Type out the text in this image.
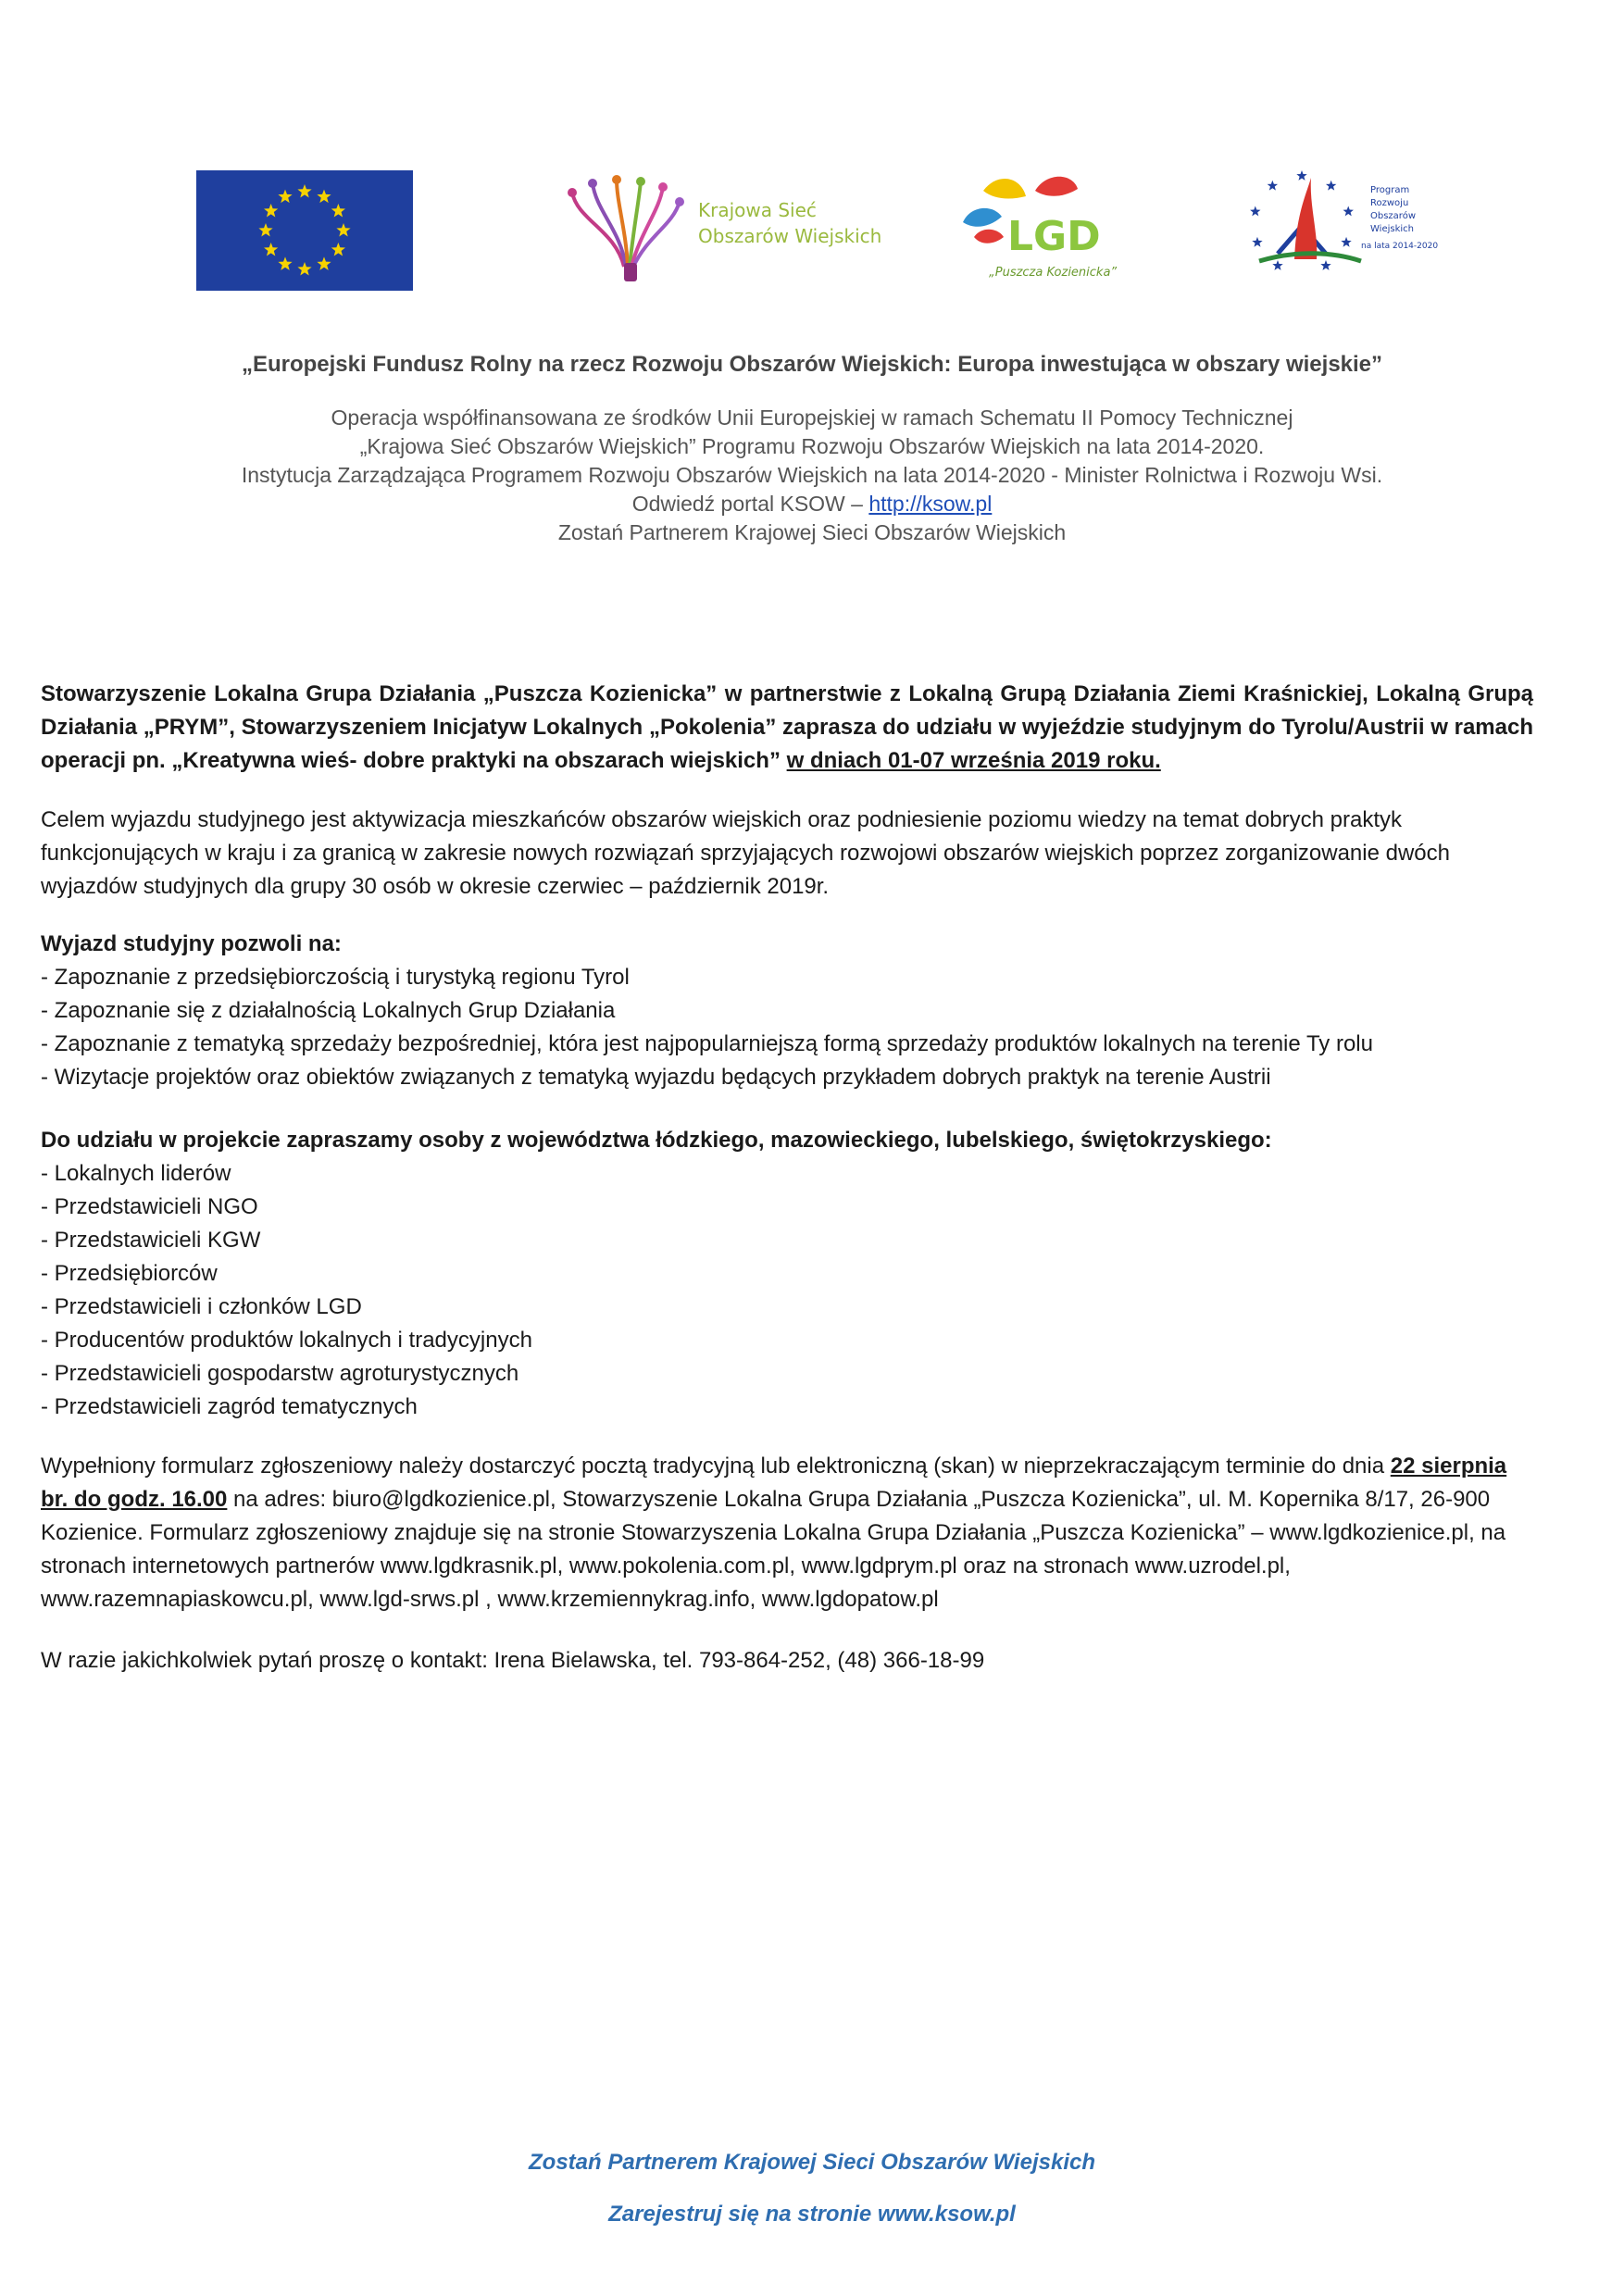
Krajowa Sieć
Obszarów Wiejskich	LGD
„Puszcza Kozienicka”
Program
Rozwoju
Obszarów
Wiejskich
na lata 2014-2020
„Europejski Fundusz Rolny na rzecz Rozwoju Obszarów Wiejskich: Europa inwestująca w obszary wiejskie”
Operacja współfinansowana ze środków Unii Europejskiej w ramach Schematu II Pomocy Technicznej
„Krajowa Sieć Obszarów Wiejskich” Programu Rozwoju Obszarów Wiejskich na lata 2014-2020.
Instytucja Zarządzająca Programem Rozwoju Obszarów Wiejskich na lata 2014-2020 - Minister Rolnictwa i Rozwoju Wsi.
Odwiedź portal KSOW – http://ksow.pl
Zostań Partnerem Krajowej Sieci Obszarów Wiejskich
Stowarzyszenie Lokalna Grupa Działania „Puszcza Kozienicka” w partnerstwie z Lokalną Grupą Działania Ziemi Kraśnickiej, Lokalną Grupą Działania „PRYM”, Stowarzyszeniem Inicjatyw Lokalnych „Pokolenia” zaprasza do udziału w wyjeździe studyjnym do Tyrolu/Austrii w ramach operacji pn. „Kreatywna wieś- dobre praktyki na obszarach wiejskich” w dniach 01-07 września 2019 roku.
Celem wyjazdu studyjnego jest aktywizacja mieszkańców obszarów wiejskich oraz podniesienie poziomu wiedzy na temat dobrych praktyk funkcjonujących w kraju i za granicą w zakresie nowych rozwiązań sprzyjających rozwojowi obszarów wiejskich poprzez zorganizowanie dwóch wyjazdów studyjnych dla grupy 30 osób w okresie czerwiec – październik 2019r.
Wyjazd studyjny pozwoli na:
- Zapoznanie z przedsiębiorczością i turystyką regionu Tyrol
- Zapoznanie się z działalnością Lokalnych Grup Działania
- Zapoznanie z tematyką sprzedaży bezpośredniej, która jest najpopularniejszą formą sprzedaży produktów lokalnych na terenie Ty rolu
- Wizytacje projektów oraz obiektów związanych z tematyką wyjazdu będących przykładem dobrych praktyk na terenie Austrii
Do udziału w projekcie zapraszamy osoby z województwa łódzkiego, mazowieckiego, lubelskiego, świętokrzyskiego:
- Lokalnych liderów
- Przedstawicieli NGO
- Przedstawicieli KGW
- Przedsiębiorców
- Przedstawicieli i członków LGD
- Producentów produktów lokalnych i tradycyjnych
- Przedstawicieli gospodarstw agroturystycznych
- Przedstawicieli zagród tematycznych
Wypełniony formularz zgłoszeniowy należy dostarczyć pocztą tradycyjną lub elektroniczną (skan) w nieprzekraczającym terminie do dnia 22 sierpnia br. do godz. 16.00 na adres: biuro@lgdkozienice.pl, Stowarzyszenie Lokalna Grupa Działania „Puszcza Kozienicka”, ul. M. Kopernika 8/17, 26-900 Kozienice. Formularz zgłoszeniowy znajduje się na stronie Stowarzyszenia Lokalna Grupa Działania „Puszcza Kozienicka” – www.lgdkozienice.pl, na stronach internetowych partnerów www.lgdkrasnik.pl, www.pokolenia.com.pl, www.lgdprym.pl oraz na stronach www.uzrodel.pl, www.razemnapiaskowcu.pl, www.lgd-srws.pl , www.krzemiennykrag.info, www.lgdopatow.pl
W razie jakichkolwiek pytań proszę o kontakt: Irena Bielawska, tel. 793-864-252, (48) 366-18-99
Zostań Partnerem Krajowej Sieci Obszarów Wiejskich
Zarejestruj się na stronie www.ksow.pl
